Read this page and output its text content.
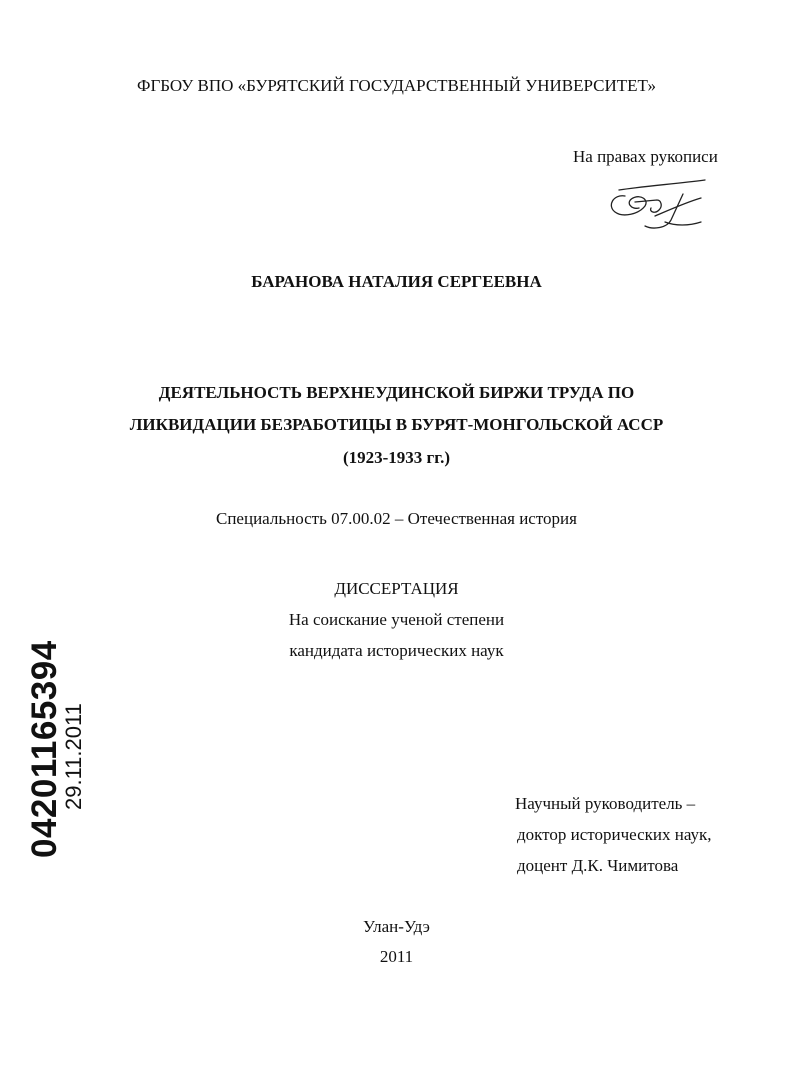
ФГБОУ ВПО «БУРЯТСКИЙ ГОСУДАРСТВЕННЫЙ УНИВЕРСИТЕТ»
На правах рукописи
БАРАНОВА НАТАЛИЯ СЕРГЕЕВНА
ДЕЯТЕЛЬНОСТЬ ВЕРХНЕУДИНСКОЙ БИРЖИ ТРУДА ПО
ЛИКВИДАЦИИ БЕЗРАБОТИЦЫ В БУРЯТ-МОНГОЛЬСКОЙ АССР
(1923-1933 гг.)
Специальность 07.00.02 – Отечественная история
ДИССЕРТАЦИЯ
На соискание ученой степени
кандидата исторических наук
Научный руководитель –
доктор исторических наук,
доцент Д.К. Чимитова
Улан-Удэ
2011
04201165394
29.11.2011
